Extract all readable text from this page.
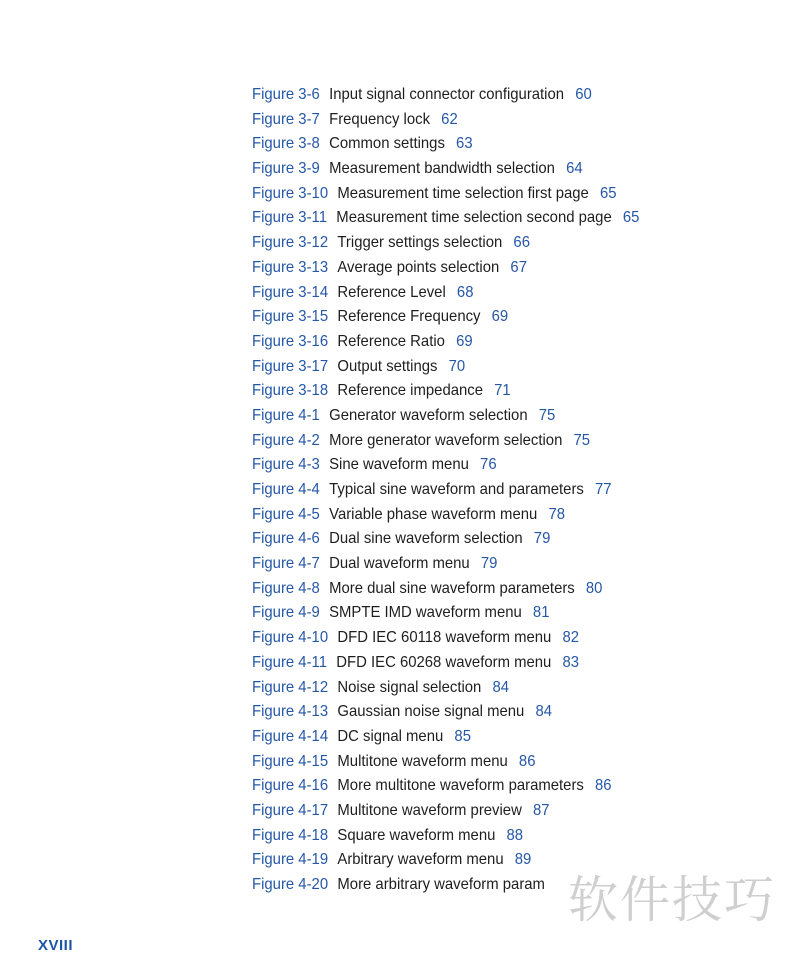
Figure 3-6 Input signal connector configuration 60
Figure 3-7 Frequency lock 62
Figure 3-8 Common settings 63
Figure 3-9 Measurement bandwidth selection 64
Figure 3-10 Measurement time selection first page 65
Figure 3-11 Measurement time selection second page 65
Figure 3-12 Trigger settings selection 66
Figure 3-13 Average points selection 67
Figure 3-14 Reference Level 68
Figure 3-15 Reference Frequency 69
Figure 3-16 Reference Ratio 69
Figure 3-17 Output settings 70
Figure 3-18 Reference impedance 71
Figure 4-1 Generator waveform selection 75
Figure 4-2 More generator waveform selection 75
Figure 4-3 Sine waveform menu 76
Figure 4-4 Typical sine waveform and parameters 77
Figure 4-5 Variable phase waveform menu 78
Figure 4-6 Dual sine waveform selection 79
Figure 4-7 Dual waveform menu 79
Figure 4-8 More dual sine waveform parameters 80
Figure 4-9 SMPTE IMD waveform menu 81
Figure 4-10 DFD IEC 60118 waveform menu 82
Figure 4-11 DFD IEC 60268 waveform menu 83
Figure 4-12 Noise signal selection 84
Figure 4-13 Gaussian noise signal menu 84
Figure 4-14 DC signal menu 85
Figure 4-15 Multitone waveform menu 86
Figure 4-16 More multitone waveform parameters 86
Figure 4-17 Multitone waveform preview 87
Figure 4-18 Square waveform menu 88
Figure 4-19 Arbitrary waveform menu 89
Figure 4-20 More arbitrary waveform param
XVIII
软件技巧
